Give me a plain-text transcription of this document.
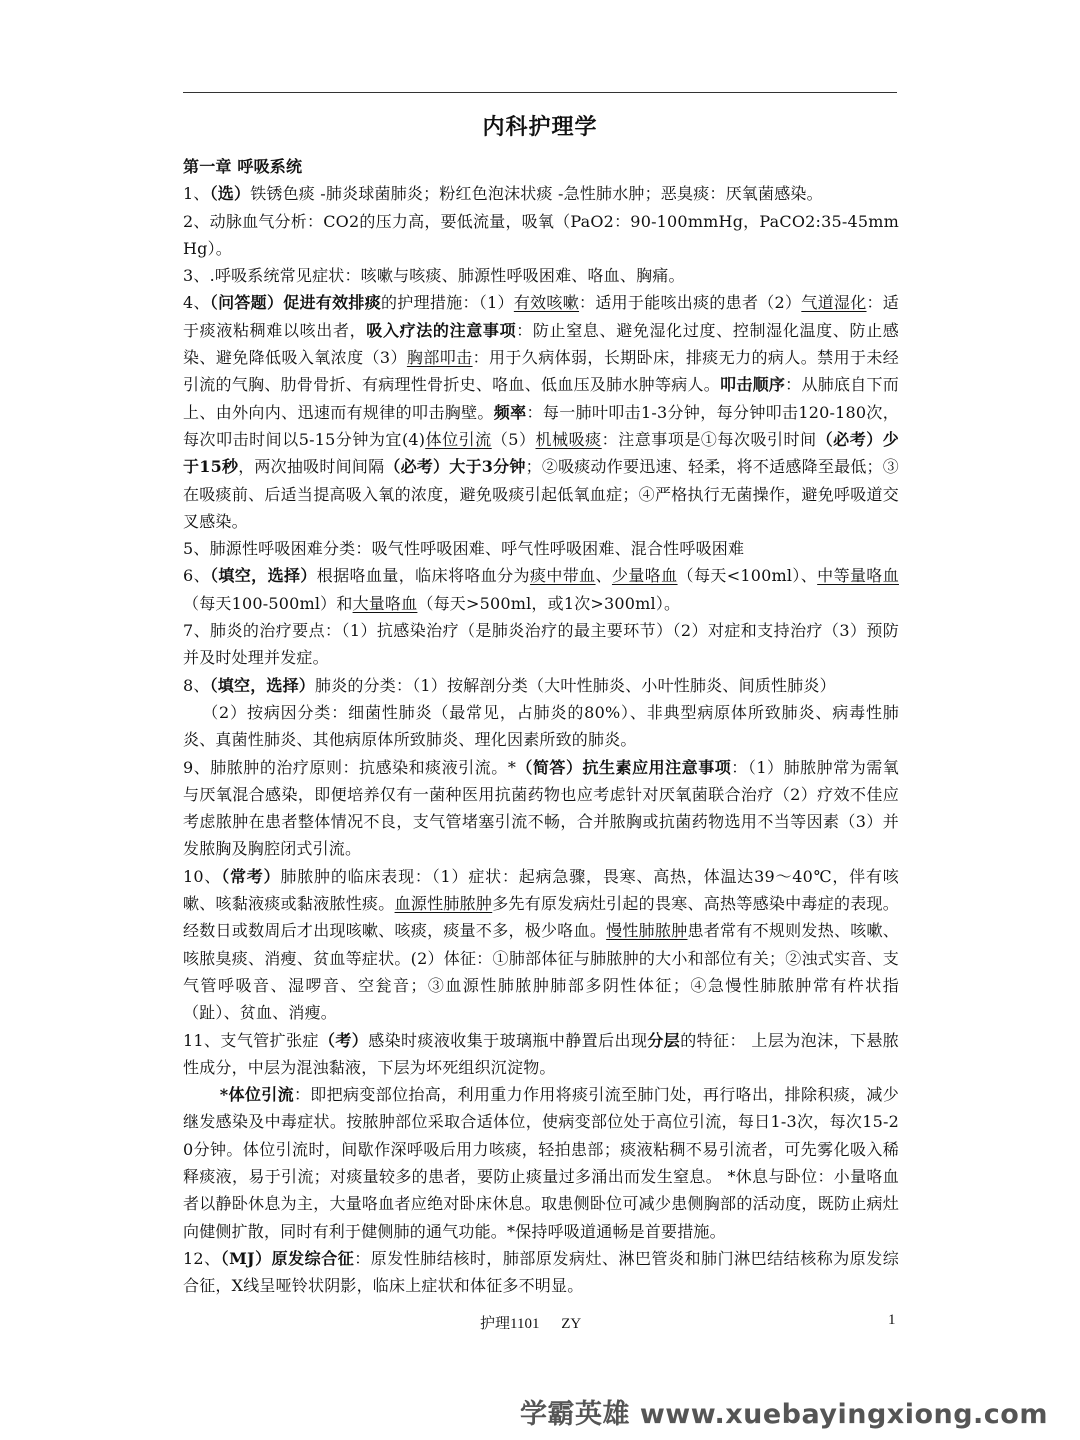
内科护理学

第一章 呼吸系统

1、（选）铁锈色痰 -肺炎球菌肺炎；粉红色泡沫状痰 -急性肺水肿；恶臭痰：厌氧菌感染。

2、动脉血气分析：CO2的压力高，要低流量，吸氧（PaO2：90-100mmHg，PaCO2:35-45mmHg）。

3、.呼吸系统常见症状：咳嗽与咳痰、肺源性呼吸困难、咯血、胸痛。

4、（问答题）促进有效排痰的护理措施：（1）有效咳嗽：适用于能咳出痰的患者（2）气道湿化：适于痰液粘稠难以咳出者，吸入疗法的注意事项：防止窒息、避免湿化过度、控制湿化温度、防止感染、避免降低吸入氧浓度（3）胸部叩击：用于久病体弱，长期卧床，排痰无力的病人。禁用于未经引流的气胸、肋骨骨折、有病理性骨折史、咯血、低血压及肺水肿等病人。叩击顺序：从肺底自下而上、由外向内、迅速而有规律的叩击胸壁。频率：每一肺叶叩击1-3分钟，每分钟叩击120-180次，每次叩击时间以5-15分钟为宜(4)体位引流（5）机械吸痰：注意事项是①每次吸引时间（必考）少于15秒，两次抽吸时间间隔（必考）大于3分钟；②吸痰动作要迅速、轻柔，将不适感降至最低；③在吸痰前、后适当提高吸入氧的浓度，避免吸痰引起低氧血症；④严格执行无菌操作，避免呼吸道交叉感染。

5、肺源性呼吸困难分类：吸气性呼吸困难、呼气性呼吸困难、混合性呼吸困难

6、（填空，选择）根据咯血量，临床将咯血分为痰中带血、少量咯血（每天<100ml）、中等量咯血（每天100-500ml）和大量咯血（每天>500ml，或1次>300ml）。

7、肺炎的治疗要点：（1）抗感染治疗（是肺炎治疗的最主要环节）（2）对症和支持治疗（3）预防并及时处理并发症。

8、（填空，选择）肺炎的分类：（1）按解剖分类（大叶性肺炎、小叶性肺炎、间质性肺炎）

（2）按病因分类：细菌性肺炎（最常见，占肺炎的80%）、非典型病原体所致肺炎、病毒性肺炎、真菌性肺炎、其他病原体所致肺炎、理化因素所致的肺炎。

9、肺脓肿的治疗原则：抗感染和痰液引流。*（简答）抗生素应用注意事项：（1）肺脓肿常为需氧与厌氧混合感染，即便培养仅有一菌种医用抗菌药物也应考虑针对厌氧菌联合治疗（2）疗效不佳应考虑脓肿在患者整体情况不良，支气管堵塞引流不畅，合并脓胸或抗菌药物选用不当等因素（3）并发脓胸及胸腔闭式引流。

10、（常考）肺脓肿的临床表现：（1）症状：起病急骤，畏寒、高热，体温达39～40℃，伴有咳嗽、咳黏液痰或黏液脓性痰。血源性肺脓肿多先有原发病灶引起的畏寒、高热等感染中毒症的表现。经数日或数周后才出现咳嗽、咳痰，痰量不多，极少咯血。慢性肺脓肿患者常有不规则发热、咳嗽、咳脓臭痰、消瘦、贫血等症状。(2）体征：①肺部体征与肺脓肿的大小和部位有关；②浊式实音、支气管呼吸音、湿啰音、空瓮音；③血源性肺脓肿肺部多阴性体征；④急慢性肺脓肿常有杵状指（趾）、贫血、消瘦。

11、支气管扩张症（考）感染时痰液收集于玻璃瓶中静置后出现分层的特征： 上层为泡沫，下悬脓性成分，中层为混浊黏液，下层为坏死组织沉淀物。

*体位引流：即把病变部位抬高，利用重力作用将痰引流至肺门处，再行咯出，排除积痰，减少继发感染及中毒症状。按脓肿部位采取合适体位，使病变部位处于高位引流，每日1-3次，每次15-20分钟。体位引流时，间歇作深呼吸后用力咳痰，轻拍患部；痰液粘稠不易引流者，可先雾化吸入稀释痰液，易于引流；对痰量较多的患者，要防止痰量过多涌出而发生窒息。 *休息与卧位：小量咯血者以静卧休息为主，大量咯血者应绝对卧床休息。取患侧卧位可减少患侧胸部的活动度，既防止病灶向健侧扩散，同时有利于健侧肺的通气功能。*保持呼吸道通畅是首要措施。

12、（MJ）原发综合征：原发性肺结核时，肺部原发病灶、淋巴管炎和肺门淋巴结结核称为原发综合征，X线呈哑铃状阴影，临床上症状和体征多不明显。

护理1101 ZY	1
学霸英雄 www.xuebayingxiong.com
